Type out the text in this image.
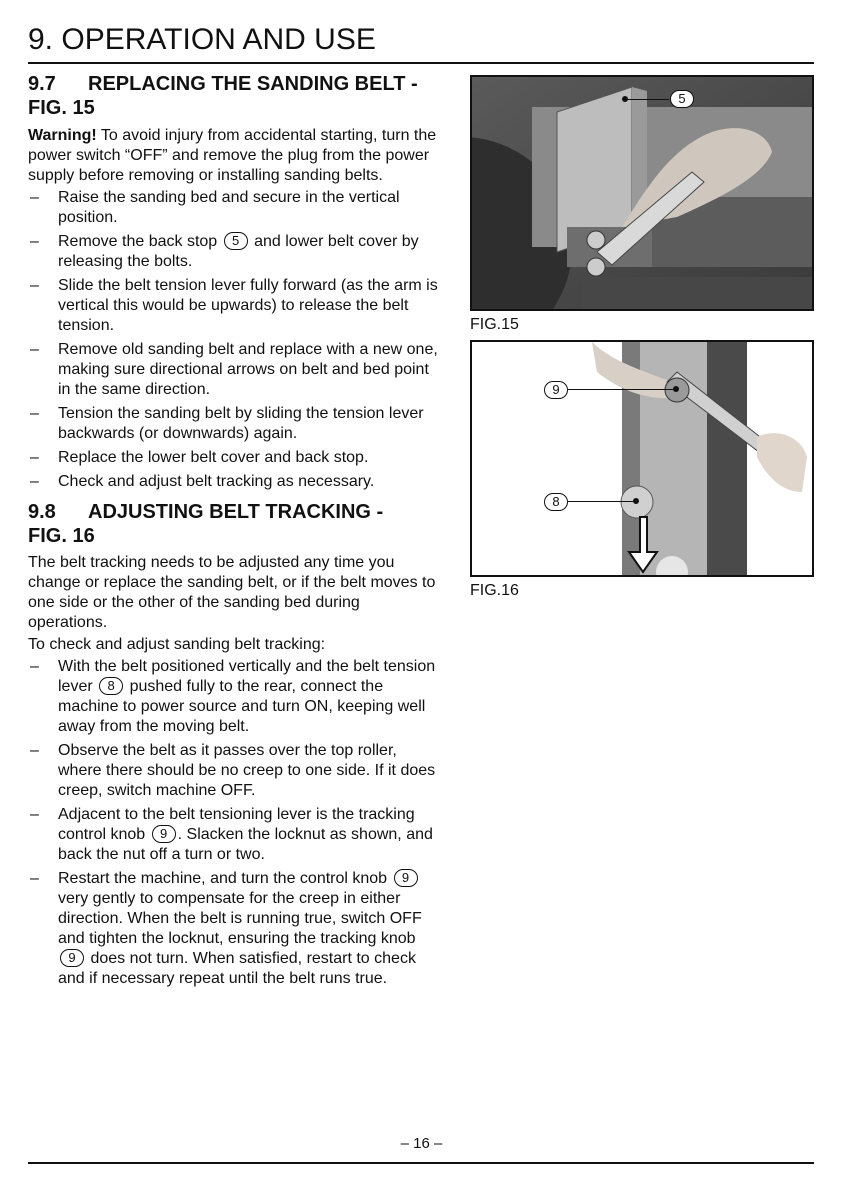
9. OPERATION AND USE
9.7 REPLACING THE SANDING BELT -
FIG. 15

Warning! To avoid injury from accidental starting, turn the power switch “OFF” and remove the plug from the power supply before removing or installing sanding belts.

– Raise the sanding bed and secure in the vertical position.
– Remove the back stop 5 and lower belt cover by releasing the bolts.
– Slide the belt tension lever fully forward (as the arm is vertical this would be upwards) to release the belt tension.
– Remove old sanding belt and replace with a new one, making sure directional arrows on belt and bed point in the same direction.
– Tension the sanding belt by sliding the tension lever backwards (or downwards) again.
– Replace the lower belt cover and back stop.
– Check and adjust belt tracking as necessary.
9.8 ADJUSTING BELT TRACKING -
FIG. 16

The belt tracking needs to be adjusted any time you change or replace the sanding belt, or if the belt moves to one side or the other of the sanding bed during operations.

To check and adjust sanding belt tracking:

– With the belt positioned vertically and the belt tension lever 8 pushed fully to the rear, connect the machine to power source and turn ON, keeping well away from the moving belt.
– Observe the belt as it passes over the top roller, where there should be no creep to one side. If it does creep, switch machine OFF.
– Adjacent to the belt tensioning lever is the tracking control knob 9 . Slacken the locknut as shown, and back the nut off a turn or two.
– Restart the machine, and turn the control knob 9 very gently to compensate for the creep in either direction. When the belt is running true, switch OFF and tighten the locknut, ensuring the tracking knob 9 does not turn. When satisfied, restart to check and if necessary repeat until the belt runs true.
5
FIG.15
9
8
FIG.16
– 16 –
